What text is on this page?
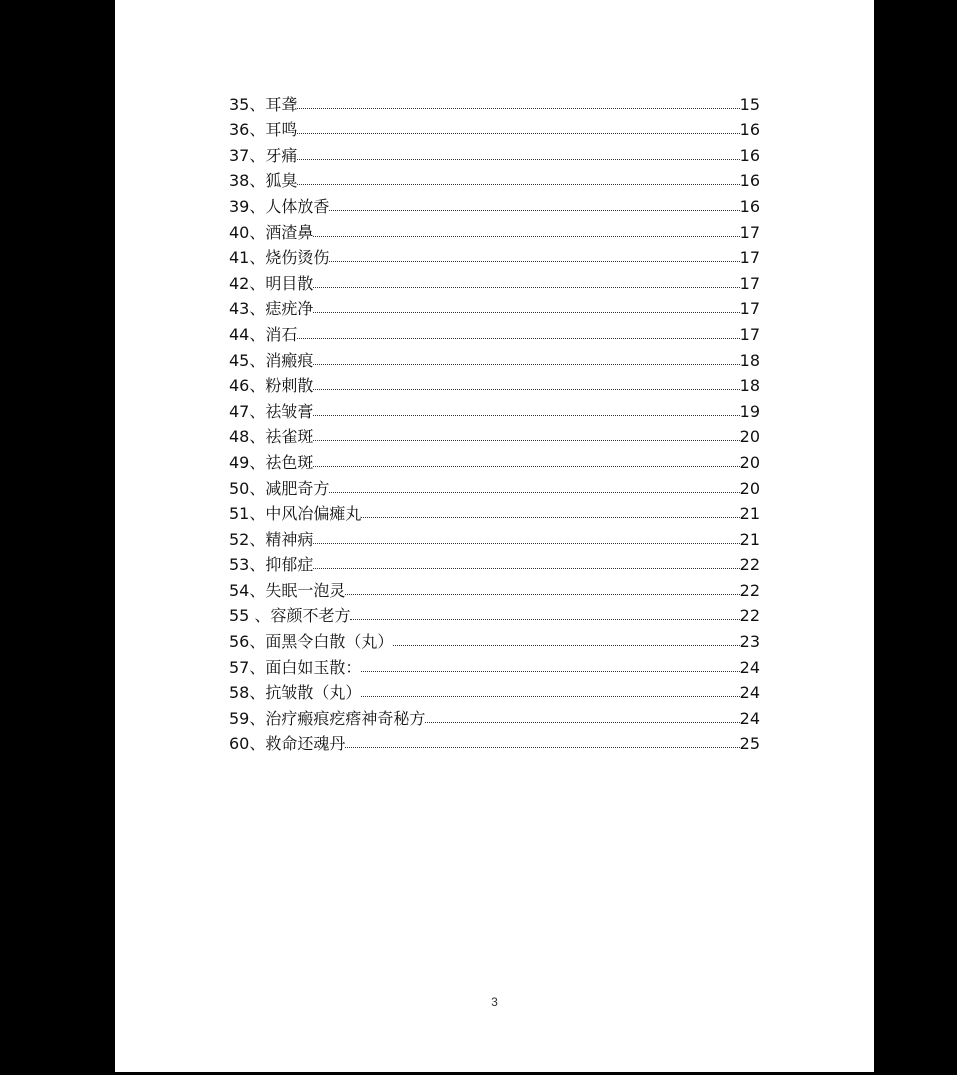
35、 耳聋	15
36、 耳鸣	16
37、 牙痛	16
38、 狐臭	16
39、 人体放香	16
40、 酒渣鼻	17
41、 烧伤烫伤	17
42、 明目散	17
43、 痣疣净	17
44、 消石	17
45、 消瘢痕	18
46、 粉刺散	18
47、 祛皱膏	19
48、 祛雀斑	20
49、 祛色斑	20
50、 减肥奇方	20
51、 中风冶偏瘫丸	21
52、 精神病	21
53、 抑郁症	22
54、 失眠一泡灵	22
55 、 容颜不老方	22
56、 面黑令白散（丸）	23
57、 面白如玉散：	24
58、 抗皱散（丸）	24
59、 治疗瘢痕疙瘩神奇秘方	24
60、 救命还魂丹	25
3
